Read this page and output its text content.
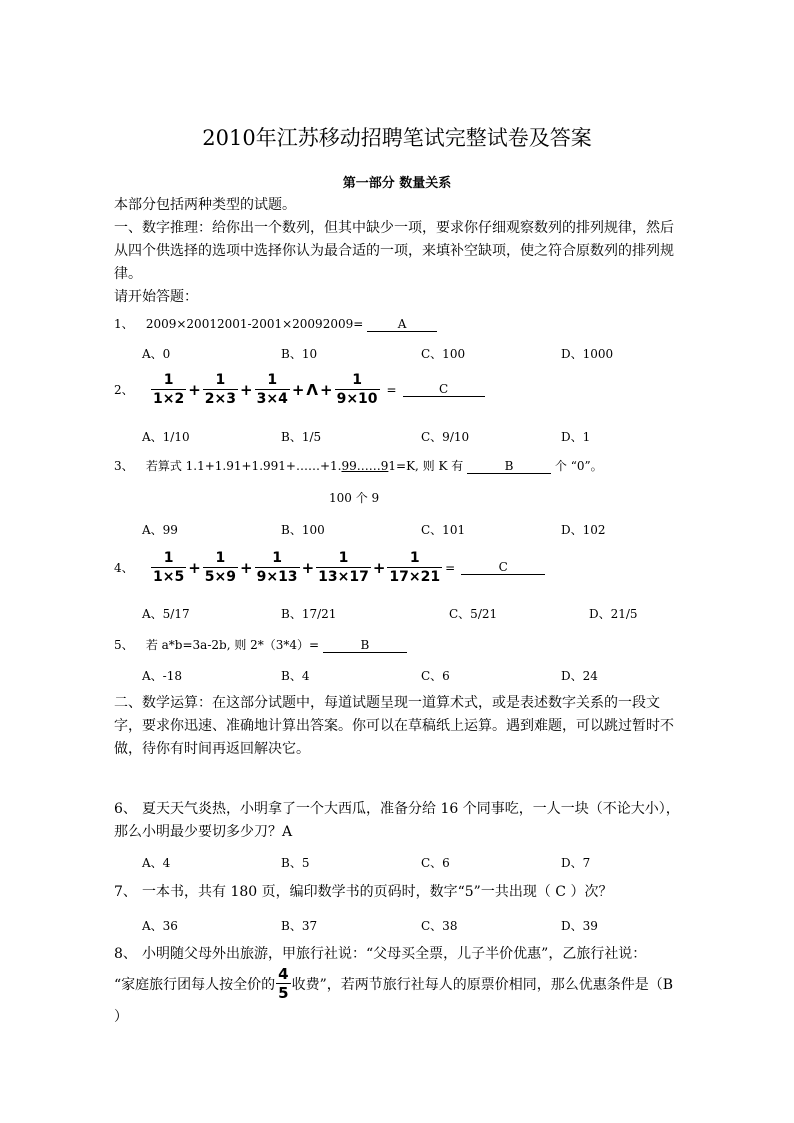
2010年江苏移动招聘笔试完整试卷及答案
第一部分 数量关系
本部分包括两种类型的试题。
一、数字推理：给你出一个数列，但其中缺少一项，要求你仔细观察数列的排列规律，然后从四个供选择的选项中选择你认为最合适的一项，来填补空缺项，使之符合原数列的排列规律。
请开始答题：
1、 2009×20012001-2001×20092009=	A
A、0	B、10	C、100	D、1000
2、	$\frac{1}{1\times 2} + \frac{1}{2\times 3} + \frac{1}{3\times 4} + \Lambda + \frac{1}{9\times 10}$ =	C
A、1/10	B、1/5	C、9/10	D、1
3、 若算式 1.1+1.91+1.991+……+1.99……91=K, 则 K 有	B	个 “0”。
100 个 9
A、99	B、100	C、101	D、102
4、	$\frac{1}{1\times 5} + \frac{1}{5\times 9} + \frac{1}{9\times 13} + \frac{1}{13\times 17} + \frac{1}{17\times 21}$ =	C
A、5/17	B、17/21	C、5/21	D、21/5
5、 若 a*b=3a-2b, 则 2*（3*4）=	B
A、-18	B、4	C、6	D、24
二、数学运算：在这部分试题中，每道试题呈现一道算术式，或是表述数字关系的一段文字，要求你迅速、准确地计算出答案。你可以在草稿纸上运算。遇到难题，可以跳过暂时不做，待你有时间再返回解决它。
6、 夏天天气炎热，小明拿了一个大西瓜，准备分给 16 个同事吃，一人一块（不论大小），那么小明最少要切多少刀？A
A、4	B、5	C、6	D、7
7、 一本书，共有 180 页，编印数学书的页码时，数字“5”一共出现（ C ）次？
A、36	B、37	C、38	D、39
8、 小明随父母外出旅游，甲旅行社说：“父母买全票，儿子半价优惠”，乙旅行社说：
“家庭旅行团每人按全价的 $\frac{4}{5}$ 收费”，若两节旅行社每人的原票价相同，那么优惠条件是（B
）
